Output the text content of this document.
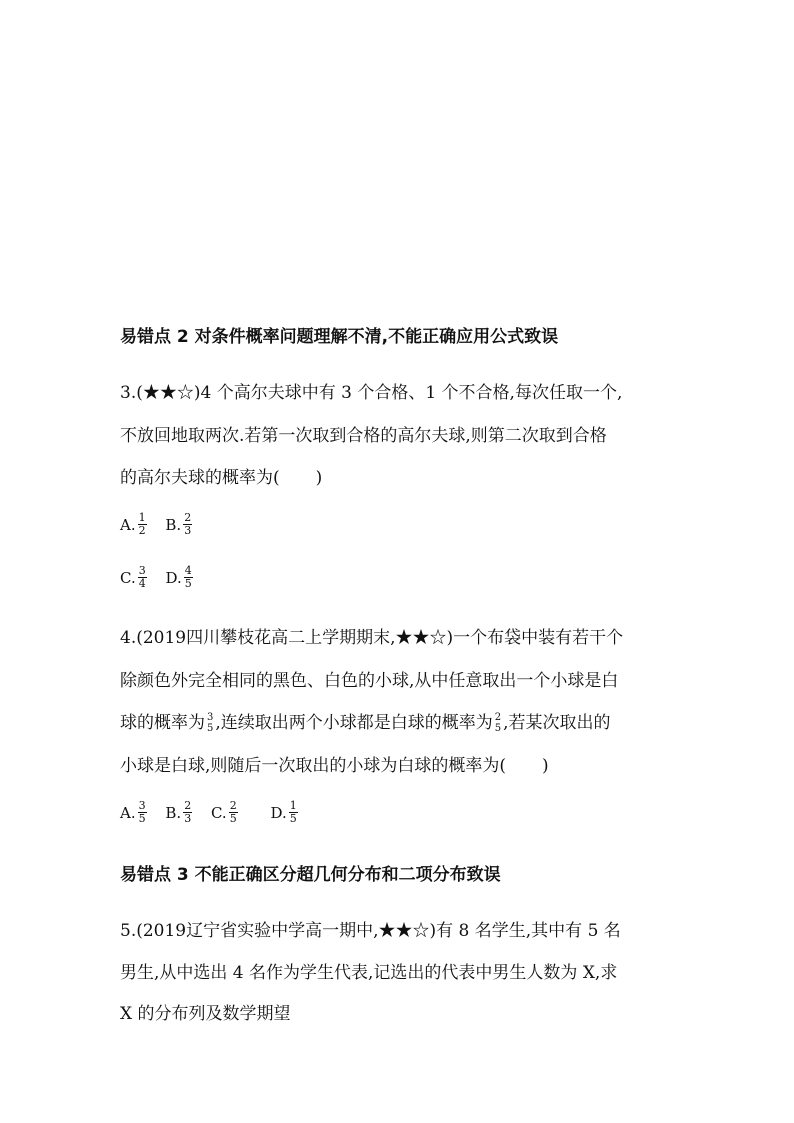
易错点 2 对条件概率问题理解不清,不能正确应用公式致误
3.(★★☆)4 个高尔夫球中有 3 个合格、1 个不合格,每次任取一个,
不放回地取两次.若第一次取到合格的高尔夫球,则第二次取到合格
的高尔夫球的概率为( )
A. $\frac{1}{2}$
B. $\frac{2}{3}$
C. $\frac{3}{4}$
D. $\frac{4}{5}$
4.(2019四川攀枝花高二上学期期末,★★☆)一个布袋中装有若干个
除颜色外完全相同的黑色、白色的小球,从中任意取出一个小球是白
球的概率为 3
5 ,连续取出两个小球都是白球的概率为 2
5 ,若某次取出的
小球是白球,则随后一次取出的小球为白球的概率为( )
A. $\frac{3}{5}$
B. $\frac{2}{3}$
C. $\frac{2}{5}$
D. $\frac{1}{5}$
易错点 3 不能正确区分超几何分布和二项分布致误
5.(2019辽宁省实验中学高一期中,★★☆)有 8 名学生,其中有 5 名
男生,从中选出 4 名作为学生代表,记选出的代表中男生人数为 X,求
X 的分布列及数学期望
